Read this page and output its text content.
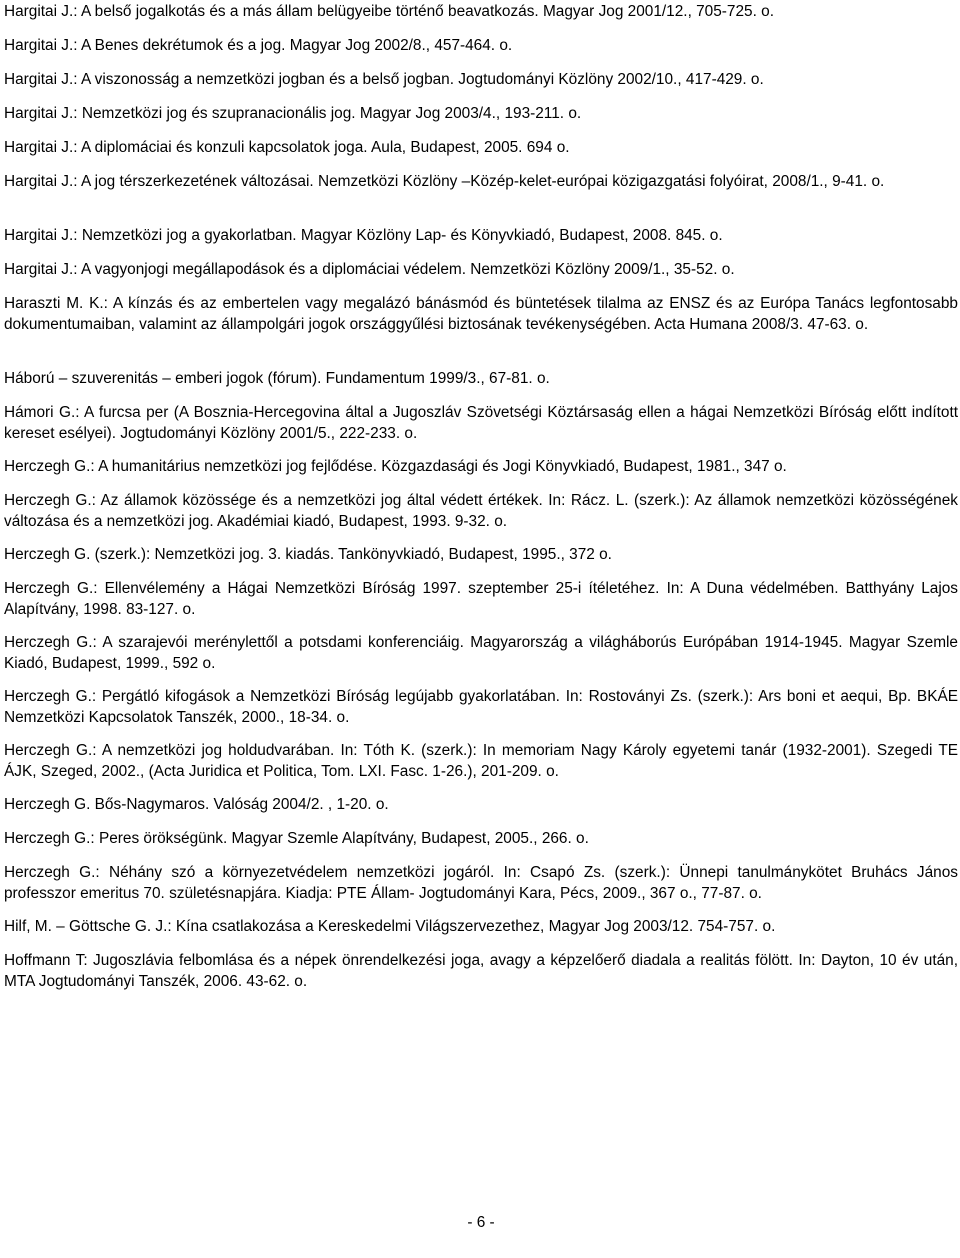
Hargitai J.: A belső jogalkotás és a más állam belügyeibe történő beavatkozás. Magyar Jog 2001/12., 705-725. o.
Hargitai J.: A Benes dekrétumok és a jog. Magyar Jog 2002/8., 457-464. o.
Hargitai J.: A viszonosság a nemzetközi jogban és a belső jogban. Jogtudományi Közlöny 2002/10., 417-429. o.
Hargitai J.: Nemzetközi jog és szupranacionális jog. Magyar Jog 2003/4., 193-211. o.
Hargitai J.: A diplomáciai és konzuli kapcsolatok joga. Aula, Budapest, 2005. 694 o.
Hargitai J.: A jog térszerkezetének változásai. Nemzetközi Közlöny –Közép-kelet-európai közigazgatási folyóirat, 2008/1., 9-41. o.
Hargitai J.: Nemzetközi jog a gyakorlatban. Magyar Közlöny Lap- és Könyvkiadó, Budapest, 2008. 845. o.
Hargitai J.: A vagyonjogi megállapodások és a diplomáciai védelem. Nemzetközi Közlöny 2009/1., 35-52. o.
Haraszti M. K.: A kínzás és az embertelen vagy megalázó bánásmód és büntetések tilalma az ENSZ és az Európa Tanács legfontosabb dokumentumaiban, valamint az állampolgári jogok országgyűlési biztosának tevékenységében. Acta Humana 2008/3. 47-63. o.
Háború – szuverenitás – emberi jogok (fórum). Fundamentum 1999/3., 67-81. o.
Hámori G.: A furcsa per (A Bosznia-Hercegovina által a Jugoszláv Szövetségi Köztársaság ellen a hágai Nemzetközi Bíróság előtt indított kereset esélyei). Jogtudományi Közlöny 2001/5., 222-233. o.
Herczegh G.: A humanitárius nemzetközi jog fejlődése. Közgazdasági és Jogi Könyvkiadó, Budapest, 1981., 347 o.
Herczegh G.: Az államok közössége és a nemzetközi jog által védett értékek. In: Rácz. L. (szerk.): Az államok nemzetközi közösségének változása és a nemzetközi jog. Akadémiai kiadó, Budapest, 1993. 9-32. o.
Herczegh G. (szerk.): Nemzetközi jog. 3. kiadás. Tankönyvkiadó, Budapest, 1995., 372 o.
Herczegh G.: Ellenvélemény a Hágai Nemzetközi Bíróság 1997. szeptember 25-i ítéletéhez. In: A Duna védelmében. Batthyány Lajos Alapítvány, 1998. 83-127. o.
Herczegh G.: A szarajevói merénylettől a potsdami konferenciáig. Magyarország a világháborús Európában 1914-1945. Magyar Szemle Kiadó, Budapest, 1999., 592 o.
Herczegh G.: Pergátló kifogások a Nemzetközi Bíróság legújabb gyakorlatában. In: Rostoványi Zs. (szerk.): Ars boni et aequi, Bp. BKÁE Nemzetközi Kapcsolatok Tanszék, 2000., 18-34. o.
Herczegh G.: A nemzetközi jog holdudvarában. In: Tóth K. (szerk.): In memoriam Nagy Károly egyetemi tanár (1932-2001). Szegedi TE ÁJK, Szeged, 2002., (Acta Juridica et Politica, Tom. LXI. Fasc. 1-26.), 201-209. o.
Herczegh G. Bős-Nagymaros. Valóság 2004/2. , 1-20. o.
Herczegh G.: Peres örökségünk. Magyar Szemle Alapítvány, Budapest, 2005., 266. o.
Herczegh G.: Néhány szó a környezetvédelem nemzetközi jogáról. In: Csapó Zs. (szerk.): Ünnepi tanulmánykötet Bruhács János professzor emeritus 70. születésnapjára. Kiadja: PTE Állam- Jogtudományi Kara, Pécs, 2009., 367 o., 77-87. o.
Hilf, M. – Göttsche G. J.: Kína csatlakozása a Kereskedelmi Világszervezethez, Magyar Jog 2003/12. 754-757. o.
Hoffmann T: Jugoszlávia felbomlása és a népek önrendelkezési joga, avagy a képzelőerő diadala a realitás fölött. In: Dayton, 10 év után, MTA Jogtudományi Tanszék, 2006. 43-62. o.
- 6 -
